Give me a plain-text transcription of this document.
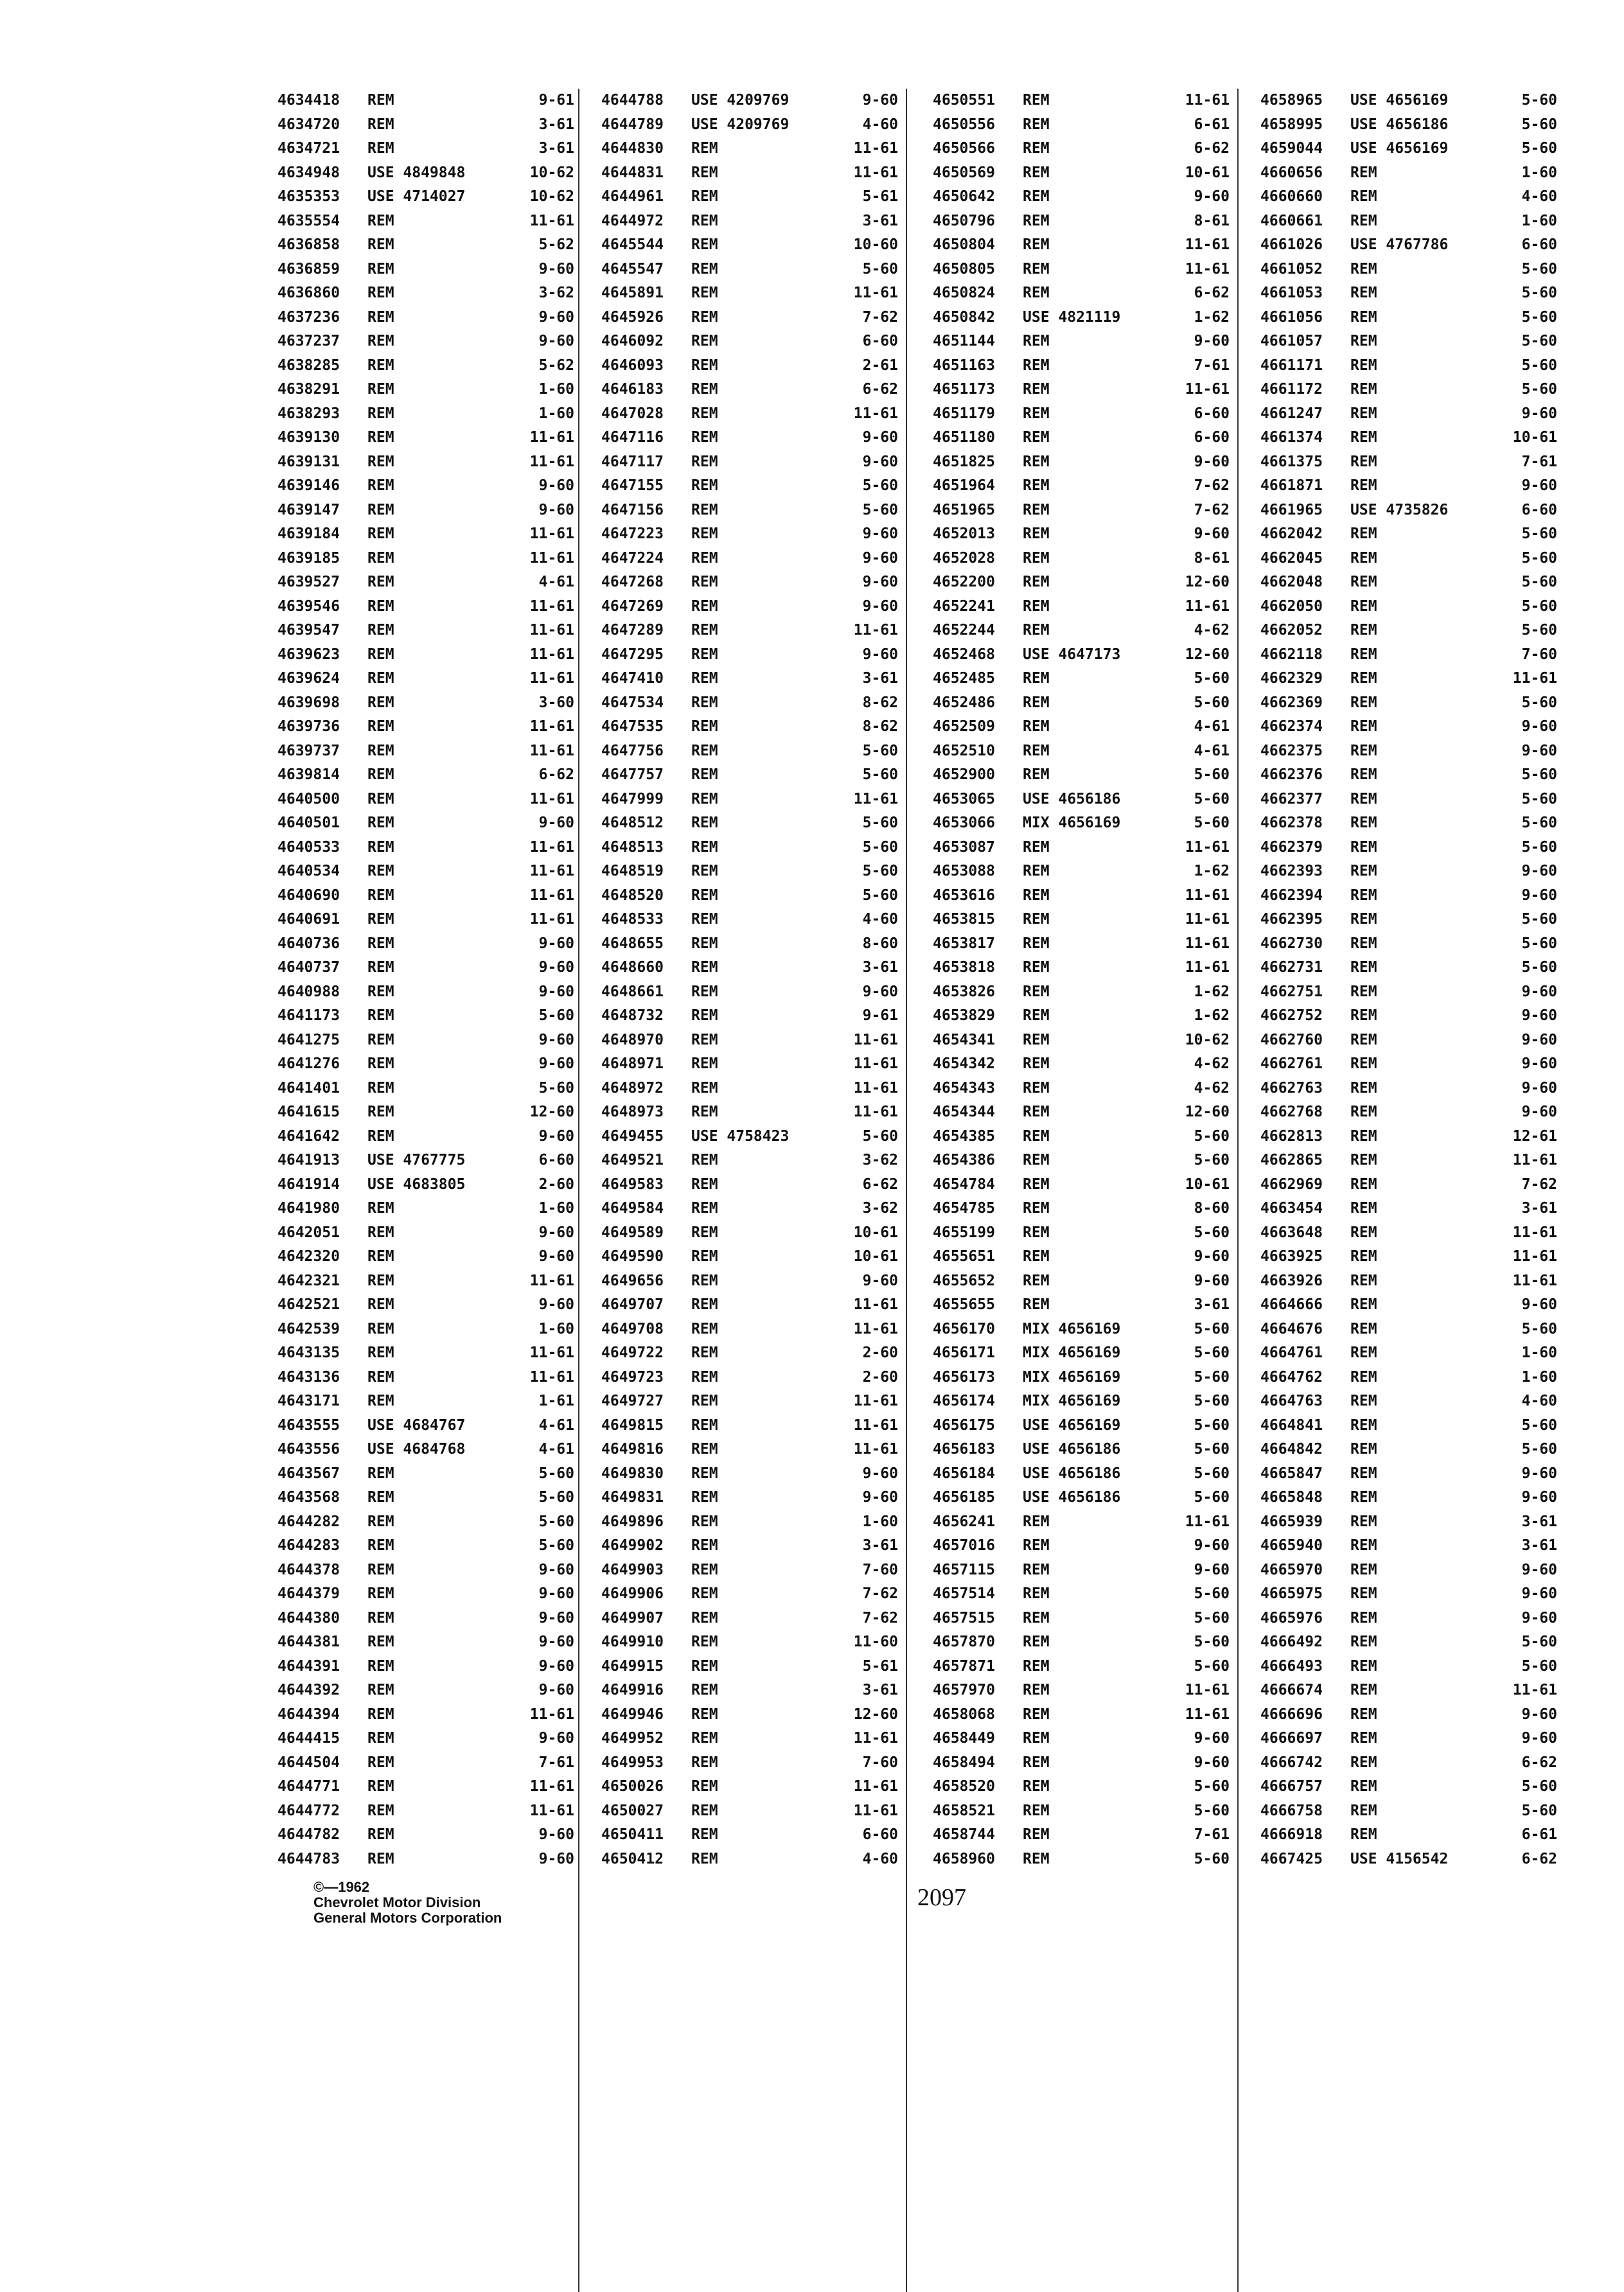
4634418 REM	9-61
4634720 REM	3-61
4634721 REM	3-61
4634948 USE 4849848	10-62
4635353 USE 4714027	10-62
4635554 REM	11-61
4636858 REM	5-62
4636859 REM	9-60
4636860 REM	3-62
4637236 REM	9-60
4637237 REM	9-60
4638285 REM	5-62
4638291 REM	1-60
4638293 REM	1-60
4639130 REM	11-61
4639131 REM	11-61
4639146 REM	9-60
4639147 REM	9-60
4639184 REM	11-61
4639185 REM	11-61
4639527 REM	4-61
4639546 REM	11-61
4639547 REM	11-61
4639623 REM	11-61
4639624 REM	11-61
4639698 REM	3-60
4639736 REM	11-61
4639737 REM	11-61
4639814 REM	6-62
4640500 REM	11-61
4640501 REM	9-60
4640533 REM	11-61
4640534 REM	11-61
4640690 REM	11-61
4640691 REM	11-61
4640736 REM	9-60
4640737 REM	9-60
4640988 REM	9-60
4641173 REM	5-60
4641275 REM	9-60
4641276 REM	9-60
4641401 REM	5-60
4641615 REM	12-60
4641642 REM	9-60
4641913 USE 4767775	6-60
4641914 USE 4683805	2-60
4641980 REM	1-60
4642051 REM	9-60
4642320 REM	9-60
4642321 REM	11-61
4642521 REM	9-60
4642539 REM	1-60
4643135 REM	11-61
4643136 REM	11-61
4643171 REM	1-61
4643555 USE 4684767	4-61
4643556 USE 4684768	4-61
4643567 REM	5-60
4643568 REM	5-60
4644282 REM	5-60
4644283 REM	5-60
4644378 REM	9-60
4644379 REM	9-60
4644380 REM	9-60
4644381 REM	9-60
4644391 REM	9-60
4644392 REM	9-60
4644394 REM	11-61
4644415 REM	9-60
4644504 REM	7-61
4644771 REM	11-61
4644772 REM	11-61
4644782 REM	9-60
4644783 REM	9-60
4644788 USE 4209769	9-60
4644789 USE 4209769	4-60
4644830 REM	11-61
4644831 REM	11-61
4644961 REM	5-61
4644972 REM	3-61
4645544 REM	10-60
4645547 REM	5-60
4645891 REM	11-61
4645926 REM	7-62
4646092 REM	6-60
4646093 REM	2-61
4646183 REM	6-62
4647028 REM	11-61
4647116 REM	9-60
4647117 REM	9-60
4647155 REM	5-60
4647156 REM	5-60
4647223 REM	9-60
4647224 REM	9-60
4647268 REM	9-60
4647269 REM	9-60
4647289 REM	11-61
4647295 REM	9-60
4647410 REM	3-61
4647534 REM	8-62
4647535 REM	8-62
4647756 REM	5-60
4647757 REM	5-60
4647999 REM	11-61
4648512 REM	5-60
4648513 REM	5-60
4648519 REM	5-60
4648520 REM	5-60
4648533 REM	4-60
4648655 REM	8-60
4648660 REM	3-61
4648661 REM	9-60
4648732 REM	9-61
4648970 REM	11-61
4648971 REM	11-61
4648972 REM	11-61
4648973 REM	11-61
4649455 USE 4758423	5-60
4649521 REM	3-62
4649583 REM	6-62
4649584 REM	3-62
4649589 REM	10-61
4649590 REM	10-61
4649656 REM	9-60
4649707 REM	11-61
4649708 REM	11-61
4649722 REM	2-60
4649723 REM	2-60
4649727 REM	11-61
4649815 REM	11-61
4649816 REM	11-61
4649830 REM	9-60
4649831 REM	9-60
4649896 REM	1-60
4649902 REM	3-61
4649903 REM	7-60
4649906 REM	7-62
4649907 REM	7-62
4649910 REM	11-60
4649915 REM	5-61
4649916 REM	3-61
4649946 REM	12-60
4649952 REM	11-61
4649953 REM	7-60
4650026 REM	11-61
4650027 REM	11-61
4650411 REM	6-60
4650412 REM	4-60
4650551 REM	11-61
4650556 REM	6-61
4650566 REM	6-62
4650569 REM	10-61
4650642 REM	9-60
4650796 REM	8-61
4650804 REM	11-61
4650805 REM	11-61
4650824 REM	6-62
4650842 USE 4821119	1-62
4651144 REM	9-60
4651163 REM	7-61
4651173 REM	11-61
4651179 REM	6-60
4651180 REM	6-60
4651825 REM	9-60
4651964 REM	7-62
4651965 REM	7-62
4652013 REM	9-60
4652028 REM	8-61
4652200 REM	12-60
4652241 REM	11-61
4652244 REM	4-62
4652468 USE 4647173	12-60
4652485 REM	5-60
4652486 REM	5-60
4652509 REM	4-61
4652510 REM	4-61
4652900 REM	5-60
4653065 USE 4656186	5-60
4653066 MIX 4656169	5-60
4653087 REM	11-61
4653088 REM	1-62
4653616 REM	11-61
4653815 REM	11-61
4653817 REM	11-61
4653818 REM	11-61
4653826 REM	1-62
4653829 REM	1-62
4654341 REM	10-62
4654342 REM	4-62
4654343 REM	4-62
4654344 REM	12-60
4654385 REM	5-60
4654386 REM	5-60
4654784 REM	10-61
4654785 REM	8-60
4655199 REM	5-60
4655651 REM	9-60
4655652 REM	9-60
4655655 REM	3-61
4656170 MIX 4656169	5-60
4656171 MIX 4656169	5-60
4656173 MIX 4656169	5-60
4656174 MIX 4656169	5-60
4656175 USE 4656169	5-60
4656183 USE 4656186	5-60
4656184 USE 4656186	5-60
4656185 USE 4656186	5-60
4656241 REM	11-61
4657016 REM	9-60
4657115 REM	9-60
4657514 REM	5-60
4657515 REM	5-60
4657870 REM	5-60
4657871 REM	5-60
4657970 REM	11-61
4658068 REM	11-61
4658449 REM	9-60
4658494 REM	9-60
4658520 REM	5-60
4658521 REM	5-60
4658744 REM	7-61
4658960 REM	5-60
4658965 USE 4656169	5-60
4658995 USE 4656186	5-60
4659044 USE 4656169	5-60
4660656 REM	1-60
4660660 REM	4-60
4660661 REM	1-60
4661026 USE 4767786	6-60
4661052 REM	5-60
4661053 REM	5-60
4661056 REM	5-60
4661057 REM	5-60
4661171 REM	5-60
4661172 REM	5-60
4661247 REM	9-60
4661374 REM	10-61
4661375 REM	7-61
4661871 REM	9-60
4661965 USE 4735826	6-60
4662042 REM	5-60
4662045 REM	5-60
4662048 REM	5-60
4662050 REM	5-60
4662052 REM	5-60
4662118 REM	7-60
4662329 REM	11-61
4662369 REM	5-60
4662374 REM	9-60
4662375 REM	9-60
4662376 REM	5-60
4662377 REM	5-60
4662378 REM	5-60
4662379 REM	5-60
4662393 REM	9-60
4662394 REM	9-60
4662395 REM	5-60
4662730 REM	5-60
4662731 REM	5-60
4662751 REM	9-60
4662752 REM	9-60
4662760 REM	9-60
4662761 REM	9-60
4662763 REM	9-60
4662768 REM	9-60
4662813 REM	12-61
4662865 REM	11-61
4662969 REM	7-62
4663454 REM	3-61
4663648 REM	11-61
4663925 REM	11-61
4663926 REM	11-61
4664666 REM	9-60
4664676 REM	5-60
4664761 REM	1-60
4664762 REM	1-60
4664763 REM	4-60
4664841 REM	5-60
4664842 REM	5-60
4665847 REM	9-60
4665848 REM	9-60
4665939 REM	3-61
4665940 REM	3-61
4665970 REM	9-60
4665975 REM	9-60
4665976 REM	9-60
4666492 REM	5-60
4666493 REM	5-60
4666674 REM	11-61
4666696 REM	9-60
4666697 REM	9-60
4666742 REM	6-62
4666757 REM	5-60
4666758 REM	5-60
4666918 REM	6-61
4667425 USE 4156542	6-62
©—1962
Chevrolet Motor Division
General Motors Corporation
2097
